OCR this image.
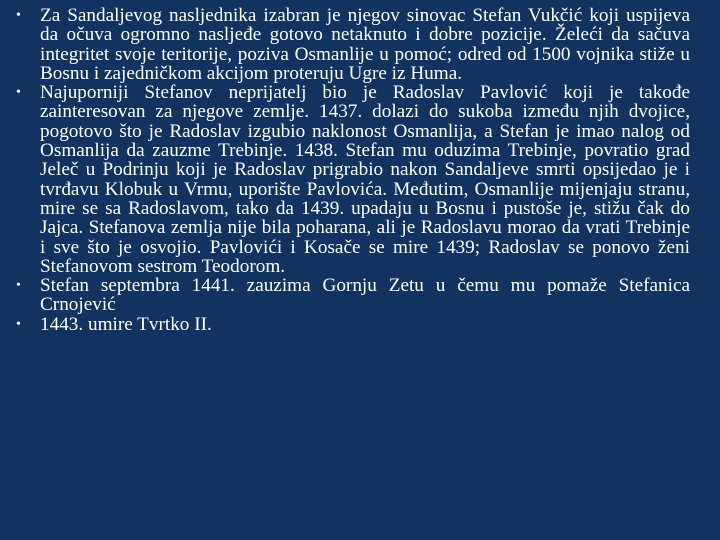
• Za Sandaljevog nasljednika izabran je njegov sinovac Stefan Vukčić koji uspijeva da očuva ogromno nasljeđe gotovo netaknuto i dobre pozicije. Želeći da sačuva integritet svoje teritorije, poziva Osmanlije u pomoć; odred od 1500 vojnika stiže u Bosnu i zajedničkom akcijom proteruju Ugre iz Huma.
• Najuporniji Stefanov neprijatelj bio je Radoslav Pavlović koji je takođe zainteresovan za njegove zemlje. 1437. dolazi do sukoba između njih dvojice, pogotovo što je Radoslav izgubio naklonost Osmanlija, a Stefan je imao nalog od Osmanlija da zauzme Trebinje. 1438. Stefan mu oduzima Trebinje, povratio grad Jeleč u Podrinju koji je Radoslav prigrabio nakon Sandaljeve smrti opsijedao je i tvrđavu Klobuk u Vrmu, uporište Pavlovića. Međutim, Osmanlije mijenjaju stranu, mire se sa Radoslavom, tako da 1439. upadaju u Bosnu i pustoše je, stižu čak do Jajca. Stefanova zemlja nije bila poharana, ali je Radoslavu morao da vrati Trebinje i sve što je osvojio. Pavlovići i Kosače se mire 1439; Radoslav se ponovo ženi Stefanovom sestrom Teodorom.
• Stefan septembra 1441. zauzima Gornju Zetu u čemu mu pomaže Stefanica Crnojević
• 1443. umire Tvrtko II.
